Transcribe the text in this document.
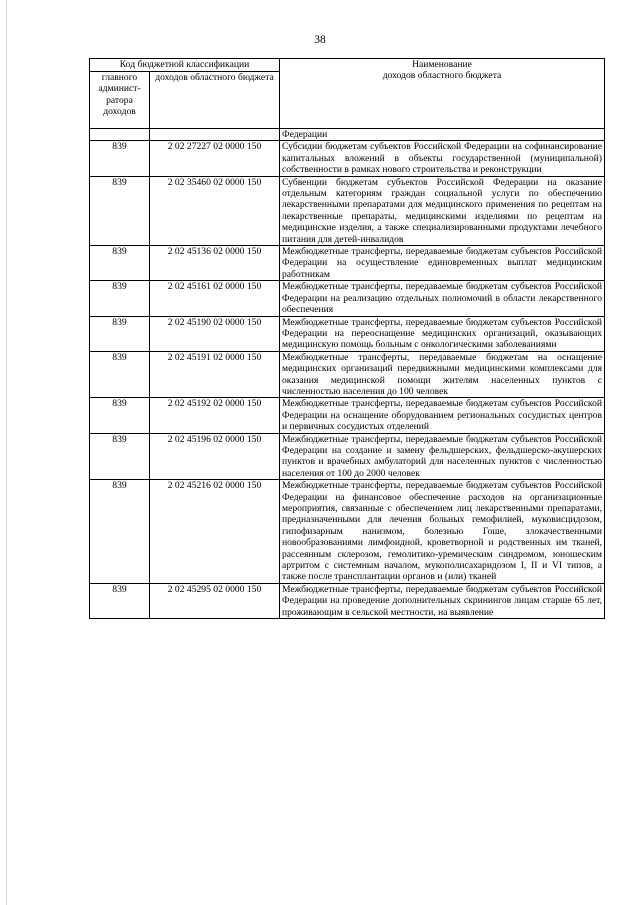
38
Код бюджетной классификации		Наименование
доходов областного бюджета
главного админист-ратора доходов	доходов областного бюджета	
		Федерации
839	2 02 27227 02 0000 150	Субсидии бюджетам субъектов Российской Федерации на софинансирование капитальных вложений в объекты государственной (муниципальной) собственности в рамках нового строительства и реконструкции
839	2 02 35460 02 0000 150	Субвенции бюджетам субъектов Российской Федерации на оказание отдельным категориям граждан социальной услуги по обеспечению лекарственными препаратами для медицинского применения по рецептам на лекарственные препараты, медицинскими изделиями по рецептам на медицинские изделия, а также специализированными продуктами лечебного питания для детей-инвалидов
839	2 02 45136 02 0000 150	Межбюджетные трансферты, передаваемые бюджетам субъектов Российской Федерации на осуществление единовременных выплат медицинским работникам
839	2 02 45161 02 0000 150	Межбюджетные трансферты, передаваемые бюджетам субъектов Российской Федерации на реализацию отдельных полномочий в области лекарственного обеспечения
839	2 02 45190 02 0000 150	Межбюджетные трансферты, передаваемые бюджетам субъектов Российской Федерации на переоснащение медицинских организаций, оказывающих медицинскую помощь больным с онкологическими заболеваниями
839	2 02 45191 02 0000 150	Межбюджетные трансферты, передаваемые бюджетам на оснащение медицинских организаций передвижными медицинскими комплексами для оказания медицинской помощи жителям населенных пунктов с численностью населения до 100 человек
839	2 02 45192 02 0000 150	Межбюджетные трансферты, передаваемые бюджетам субъектов Российской Федерации на оснащение оборудованием региональных сосудистых центров и первичных сосудистых отделений
839	2 02 45196 02 0000 150	Межбюджетные трансферты, передаваемые бюджетам субъектов Российской Федерации на создание и замену фельдшерских, фельдшерско-акушерских пунктов и врачебных амбулаторий для населенных пунктов с численностью населения от 100 до 2000 человек
839	2 02 45216 02 0000 150	Межбюджетные трансферты, передаваемые бюджетам субъектов Российской Федерации на финансовое обеспечение расходов на организационные мероприятия, связанные с обеспечением лиц лекарственными препаратами, предназначенными для лечения больных гемофилией, муковисцидозом, гипофизарным нанизмом, болезнью Гоше, злокачественными новообразованиями лимфоидной, кроветворной и родственных им тканей, рассеянным склерозом, гемолитико-уремическим синдромом, юношеским артритом с системным началом, мукополисахаридозом I, II и VI типов, а также после трансплантации органов и (или) тканей
839	2 02 45295 02 0000 150	Межбюджетные трансферты, передаваемые бюджетам субъектов Российской Федерации на проведение дополнительных скринингов лицам старше 65 лет, проживающим в сельской местности, на выявление
